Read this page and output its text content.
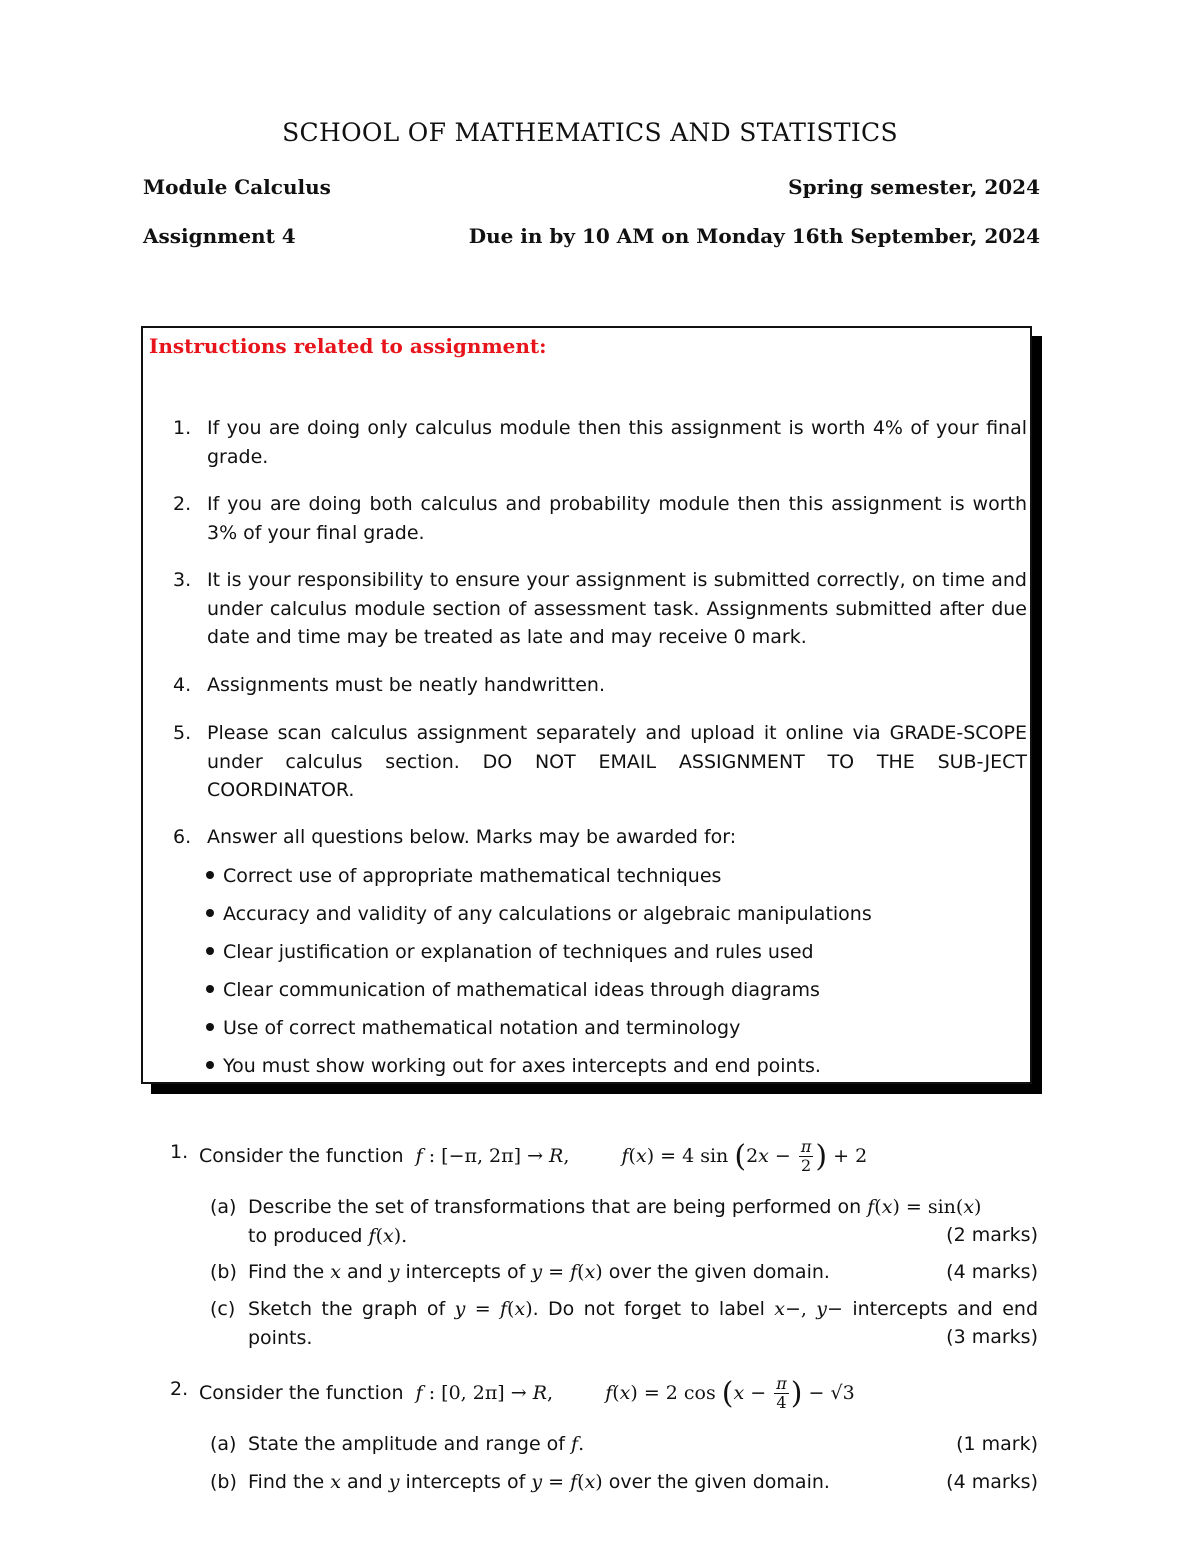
SCHOOL OF MATHEMATICS AND STATISTICS
Module Calculus	Spring semester, 2024
Assignment 4	Due in by 10 AM on Monday 16th September, 2024
Instructions related to assignment:
1. If you are doing only calculus module then this assignment is worth 4% of your final grade.
2. If you are doing both calculus and probability module then this assignment is worth 3% of your final grade.
3. It is your responsibility to ensure your assignment is submitted correctly, on time and under calculus module section of assessment task. Assignments submitted after due date and time may be treated as late and may receive 0 mark.
4. Assignments must be neatly handwritten.
5. Please scan calculus assignment separately and upload it online via GRADE-SCOPE under calculus section. DO NOT EMAIL ASSIGNMENT TO THE SUB-JECT COORDINATOR.
6. Answer all questions below. Marks may be awarded for:
Correct use of appropriate mathematical techniques
Accuracy and validity of any calculations or algebraic manipulations
Clear justification or explanation of techniques and rules used
Clear communication of mathematical ideas through diagrams
Use of correct mathematical notation and terminology
You must show working out for axes intercepts and end points.
1. Consider the function  f : [−π, 2π] → R,	f(x) = 4 $\sin (2x - \frac{\pi}{2}$ ) + 2
(a) Describe the set of transformations that are being performed on f(x) = sin(x)
to produced f(x).	(2 marks)
(b) Find the x and y intercepts of y = f(x) over the given domain.	(4 marks)
(c) Sketch the graph of y = f(x). Do not forget to label x−, y− intercepts and end points.	(3 marks)
2. Consider the function  f : [0, 2π] → R,	f(x) = 2 $\cos (x - \frac{\pi}{4}$ ) − √3
(a) State the amplitude and range of f.	(1 mark)
(b) Find the x and y intercepts of y = f(x) over the given domain.	(4 marks)
